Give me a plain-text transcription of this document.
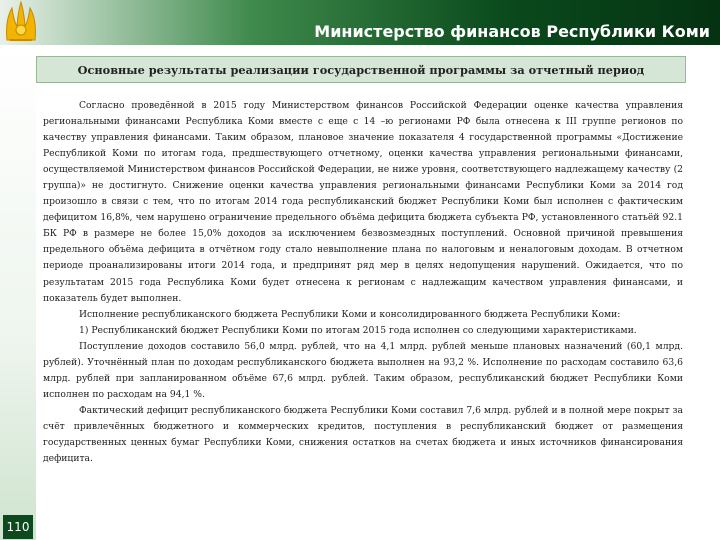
Министерство финансов Республики Коми
Основные результаты реализации государственной программы за отчетный период

Согласно проведённой в 2015 году Министерством финансов Российской Федерации оценке качества управления региональными финансами Республика Коми вместе с еще с 14 –ю регионами РФ была отнесена к III группе регионов по качеству управления финансами. Таким образом, плановое значение показателя 4 государственной программы «Достижение Республикой Коми по итогам года, предшествующего отчетному, оценки качества управления региональными финансами, осуществляемой Министерством финансов Российской Федерации, не ниже уровня, соответствующего надлежащему качеству (2 группа)» не достигнуто. Снижение оценки качества управления региональными финансами Республики Коми за 2014 год произошло в связи с тем, что по итогам 2014 года республиканский бюджет Республики Коми был исполнен с фактическим дефицитом 16,8%, чем нарушено ограничение предельного объёма дефицита бюджета субъекта РФ, установленного статьёй 92.1 БК РФ в размере не более 15,0% доходов за исключением безвозмездных поступлений. Основной причиной превышения предельного объёма дефицита в отчётном году стало невыполнение плана по налоговым и неналоговым доходам. В отчетном периоде проанализированы итоги 2014 года, и предпринят ряд мер в целях недопущения нарушений. Ожидается, что по результатам 2015 года Республика Коми будет отнесена к регионам с надлежащим качеством управления финансами, и показатель будет выполнен.

Исполнение республиканского бюджета Республики Коми и консолидированного бюджета Республики Коми:

1) Республиканский бюджет Республики Коми по итогам 2015 года исполнен со следующими характеристиками.

Поступление доходов составило 56,0 млрд. рублей, что на 4,1 млрд. рублей меньше плановых назначений (60,1 млрд. рублей). Уточнённый план по доходам республиканского бюджета выполнен на 93,2 %. Исполнение по расходам составило 63,6 млрд. рублей при запланированном объёме 67,6 млрд. рублей. Таким образом, республиканский бюджет Республики Коми исполнен по расходам на 94,1 %.

Фактический дефицит республиканского бюджета Республики Коми составил 7,6 млрд. рублей и в полной мере покрыт за счёт привлечённых бюджетного и коммерческих кредитов, поступления в республиканский бюджет от размещения государственных ценных бумаг Республики Коми, снижения остатков на счетах бюджета и иных источников финансирования дефицита.

110
